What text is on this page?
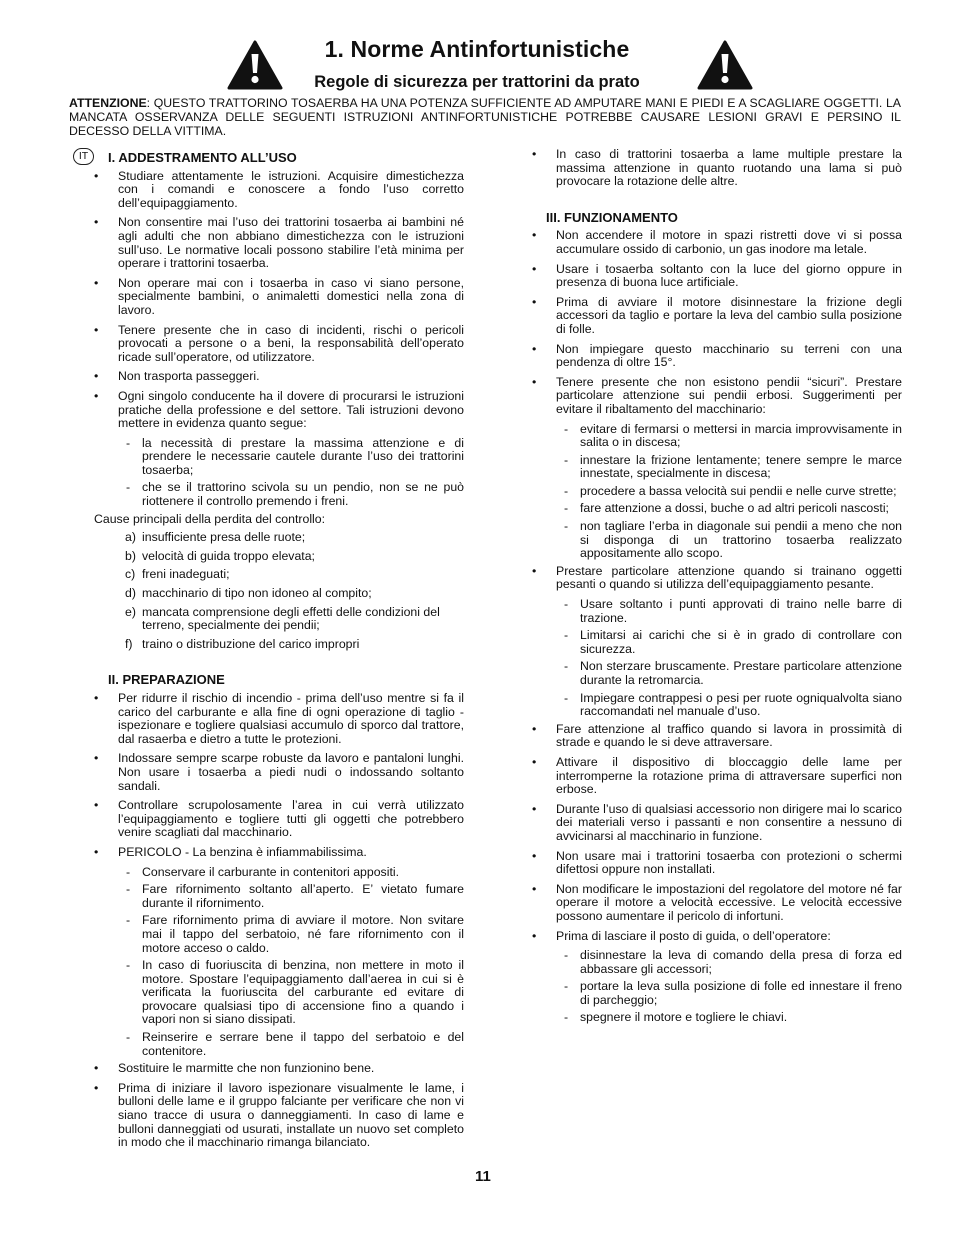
1. Norme Antinfortunistiche
Regole di sicurezza per trattorini da prato
ATTENZIONE: QUESTO TRATTORINO TOSAERBA HA UNA POTENZA SUFFICIENTE AD AMPUTARE MANI E PIEDI E A SCAGLIARE OGGETTI. LA MANCATA OSSERVANZA DELLE SEGUENTI ISTRUZIONI ANTINFORTUNISTICHE POTREBBE CAUSARE LESIONI GRAVI E PERSINO IL DECESSO DELLA VITTIMA.
IT	I. ADDESTRAMENTO ALL’USO
• Studiare attentamente le istruzioni. Acquisire dimestichezza con i comandi e conoscere a fondo l’uso corretto dell’equipaggiamento.
• Non consentire mai l’uso dei trattorini tosaerba ai bambini né agli adulti che non abbiano dimestichezza con le istruzioni sull’uso. Le normative locali possono stabilire l’età minima per operare i trattorini tosaerba.
• Non operare mai con i tosaerba in caso vi siano persone, specialmente bambini, o animaletti domestici nella zona di lavoro.
• Tenere presente che in caso di incidenti, rischi o pericoli provocati a persone o a beni, la responsabilità dell’operato ricade sull’operatore, od utilizzatore.
• Non trasporta passeggeri.
• Ogni singolo conducente ha il dovere di procurarsi le istruzioni pratiche della professione e del settore. Tali istruzioni devono mettere in evidenza quanto segue:
- la necessità di prestare la massima attenzione e di prendere le necessarie cautele durante l’uso dei trattorini tosaerba;
- che se il trattorino scivola su un pendio, non se ne può riottenere il controllo premendo i freni.
Cause principali della perdita del controllo:
a) insufficiente presa delle ruote;
b) velocità di guida troppo elevata;
c) freni inadeguati;
d) macchinario di tipo non idoneo al compito;
e) mancata comprensione degli effetti delle condizioni del terreno, specialmente dei pendii;
f) traino o distribuzione del carico impropri
II. PREPARAZIONE
• Per ridurre il rischio di incendio - prima dell’uso mentre si fa il carico del carburante e alla fine di ogni operazione di taglio - ispezionare e togliere qualsiasi accumulo di sporco dal trattore, dal rasaerba e dietro a tutte le protezioni.
• Indossare sempre scarpe robuste da lavoro e pantaloni lunghi. Non usare i tosaerba a piedi nudi o indossando soltanto sandali.
• Controllare scrupolosamente l’area in cui verrà utilizzato l’equipaggiamento e togliere tutti gli oggetti che potrebbero venire scagliati dal macchinario.
• PERICOLO - La benzina è infiammabilissima.
- Conservare il carburante in contenitori appositi.
- Fare rifornimento soltanto all’aperto. E’ vietato fumare durante il rifornimento.
- Fare rifornimento prima di avviare il motore. Non svitare mai il tappo del serbatoio, né fare rifornimento con il motore acceso o caldo.
- In caso di fuoriuscita di benzina, non mettere in moto il motore. Spostare l’equipaggiamento dall’aerea in cui si è verificata la fuoriuscita del carburante ed evitare di provocare qualsiasi tipo di accensione fino a quando i vapori non si siano dissipati.
- Reinserire e serrare bene il tappo del serbatoio e del contenitore.
• Sostituire le marmitte che non funzionino bene.
• Prima di iniziare il lavoro ispezionare visualmente le lame, i bulloni delle lame e il gruppo falciante per verificare che non vi siano tracce di usura o danneggiamenti. In caso di lame e bulloni danneggiati od usurati, installate un nuovo set completo in modo che il macchinario rimanga bilanciato.
• In caso di trattorini tosaerba a lame multiple prestare la massima attenzione in quanto ruotando una lama si può provocare la rotazione delle altre.
III. FUNZIONAMENTO
• Non accendere il motore in spazi ristretti dove vi si possa accumulare ossido di carbonio, un gas inodore ma letale.
• Usare i tosaerba soltanto con la luce del giorno oppure in presenza di buona luce artificiale.
• Prima di avviare il motore disinnestare la frizione degli accessori da taglio e portare la leva del cambio sulla posizione di folle.
• Non impiegare questo macchinario su terreni con una pendenza di oltre 15°.
• Tenere presente che non esistono pendii “sicuri”. Prestare particolare attenzione sui pendii erbosi. Suggerimenti per evitare il ribaltamento del macchinario:
- evitare di fermarsi o mettersi in marcia improvvisamente in salita o in discesa;
- innestare la frizione lentamente; tenere sempre le marce innestate, specialmente in discesa;
- procedere a bassa velocità sui pendii e nelle curve strette;
- fare attenzione a dossi, buche o ad altri pericoli nascosti;
- non tagliare l’erba in diagonale sui pendii a meno che non si disponga di un trattorino tosaerba realizzato appositamente allo scopo.
• Prestare particolare attenzione quando si trainano oggetti pesanti o quando si utilizza dell’equipaggiamento pesante.
- Usare soltanto i punti approvati di traino nelle barre di trazione.
- Limitarsi ai carichi che si è in grado di controllare con sicurezza.
- Non sterzare bruscamente. Prestare particolare attenzione durante la retromarcia.
- Impiegare contrappesi o pesi per ruote ogniqualvolta siano raccomandati nel manuale d’uso.
• Fare attenzione al traffico quando si lavora in prossimità di strade e quando le si deve attraversare.
• Attivare il dispositivo di bloccaggio delle lame per interromperne la rotazione prima di attraversare superfici non erbose.
• Durante l’uso di qualsiasi accessorio non dirigere mai lo scarico dei materiali verso i passanti e non consentire a nessuno di avvicinarsi al macchinario in funzione.
• Non usare mai i trattorini tosaerba con protezioni o schermi difettosi oppure non installati.
• Non modificare le impostazioni del regolatore del motore né far operare il motore a velocità eccessive. Le velocità eccessive possono aumentare il pericolo di infortuni.
• Prima di lasciare il posto di guida, o dell’operatore:
- disinnestare la leva di comando della presa di forza ed abbassare gli accessori;
- portare la leva sulla posizione di folle ed innestare il freno di parcheggio;
- spegnere il motore e togliere le chiavi.
11
